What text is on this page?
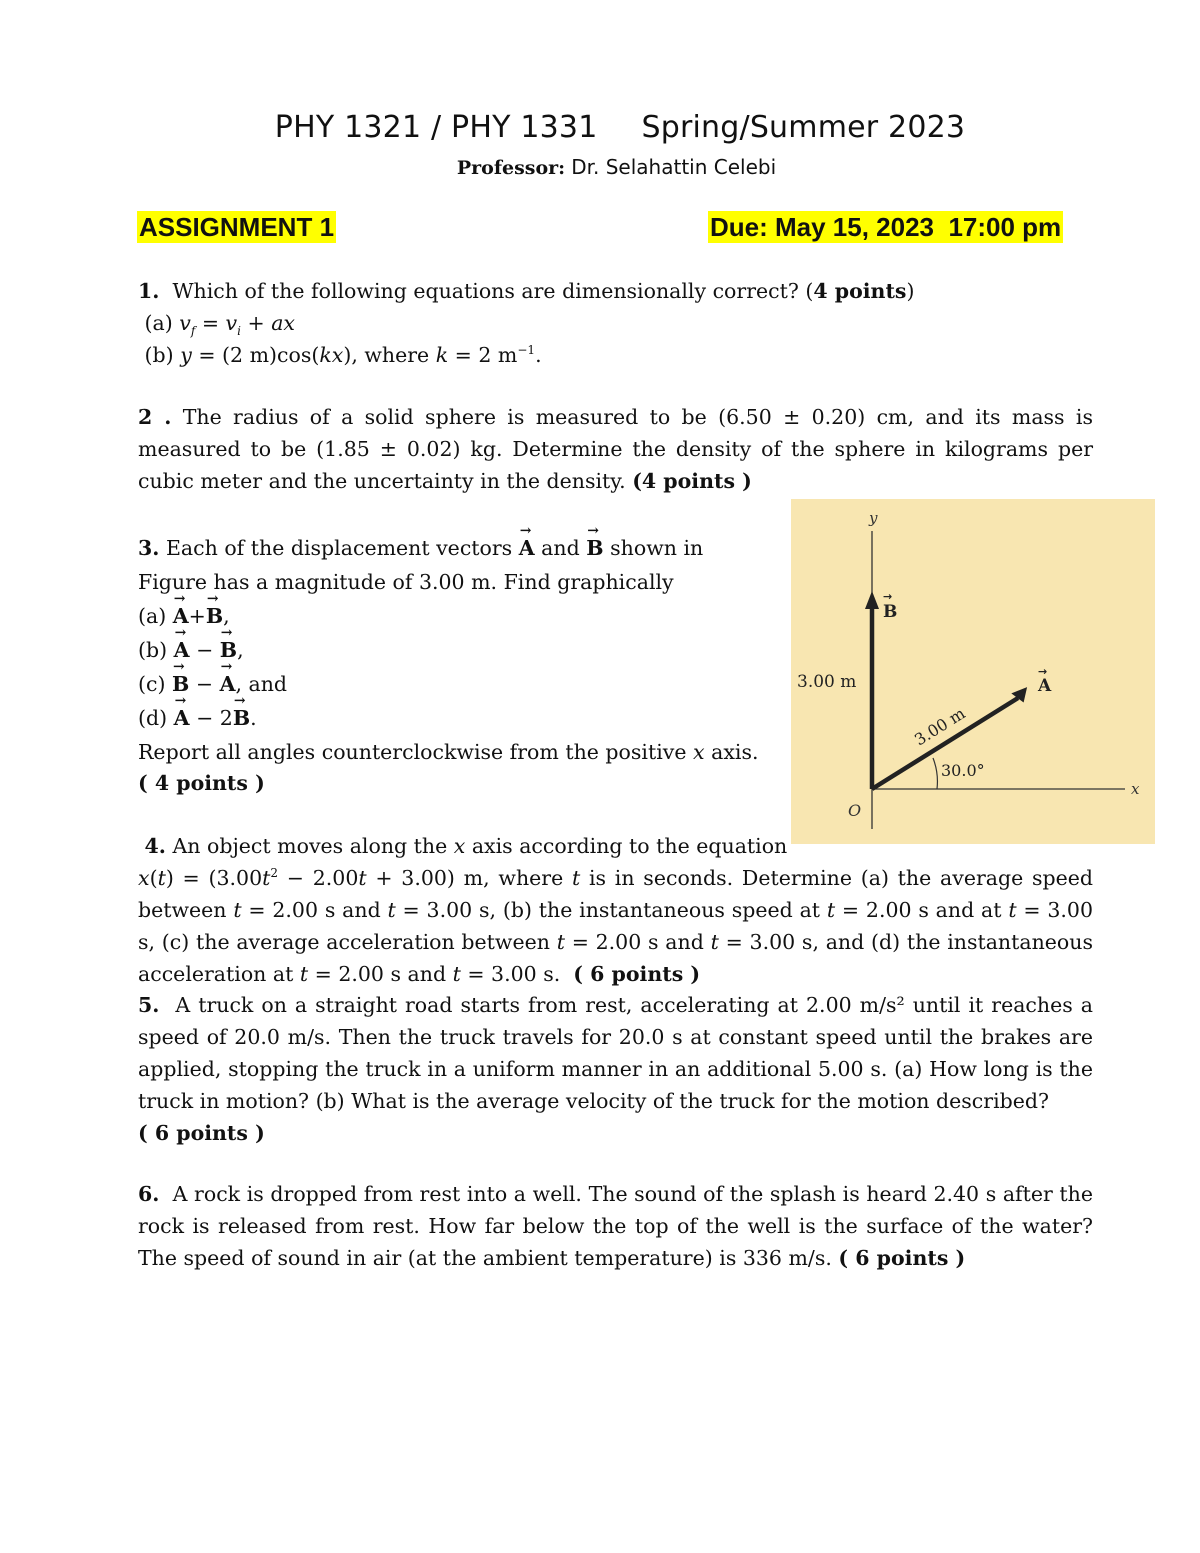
PHY 1321 / PHY 1331 Spring/Summer 2023
Professor: Dr. Selahattin Celebi
ASSIGNMENT 1	Due: May 15, 2023  17:00 pm
1. Which of the following equations are dimensionally correct? (4 points)
(a) $v_f = v_i$ + ax
(b) y = (2 m)cos(kx), where k = 2 $m^{-1}$.

2 . The radius of a solid sphere is measured to be (6.50 ± 0.20) cm, and its mass is measured to be (1.85 ± 0.02) kg. Determine the density of the sphere in kilograms per cubic meter and the uncertainty in the density. (4 points )

3. Each of the displacement vectors → A and → B shown in
Figure has a magnitude of 3.00 m. Find graphically
(a) → A+→ B,
(b) → A − → B,
(c) → B − → A, and
(d) → A − 2→ B.
Report all angles counterclockwise from the positive x axis.
( 4 points )
y
x
O
3.00 m
B
→
A
→
3.00 m
30.0°

4. An object moves along the x axis according to the equation
$x(t) = (3.00t^2 - 2.00t + 3.00)$ m, where t is in seconds. Determine (a) the average speed between t = 2.00 s and t = 3.00 s, (b) the instantaneous speed at t = 2.00 s and at t = 3.00 s, (c) the average acceleration between t = 2.00 s and t = 3.00 s, and (d) the instantaneous acceleration at t = 2.00 s and t = 3.00 s.  ( 6 points )

5. A truck on a straight road starts from rest, accelerating at 2.00 m/s² until it reaches a speed of 20.0 m/s. Then the truck travels for 20.0 s at constant speed until the brakes are applied, stopping the truck in a uniform manner in an additional 5.00 s. (a) How long is the truck in motion? (b) What is the average velocity of the truck for the motion described?

( 6 points )

6. A rock is dropped from rest into a well. The sound of the splash is heard 2.40 s after the rock is released from rest. How far below the top of the well is the surface of the water? The speed of sound in air (at the ambient temperature) is 336 m/s. ( 6 points )
